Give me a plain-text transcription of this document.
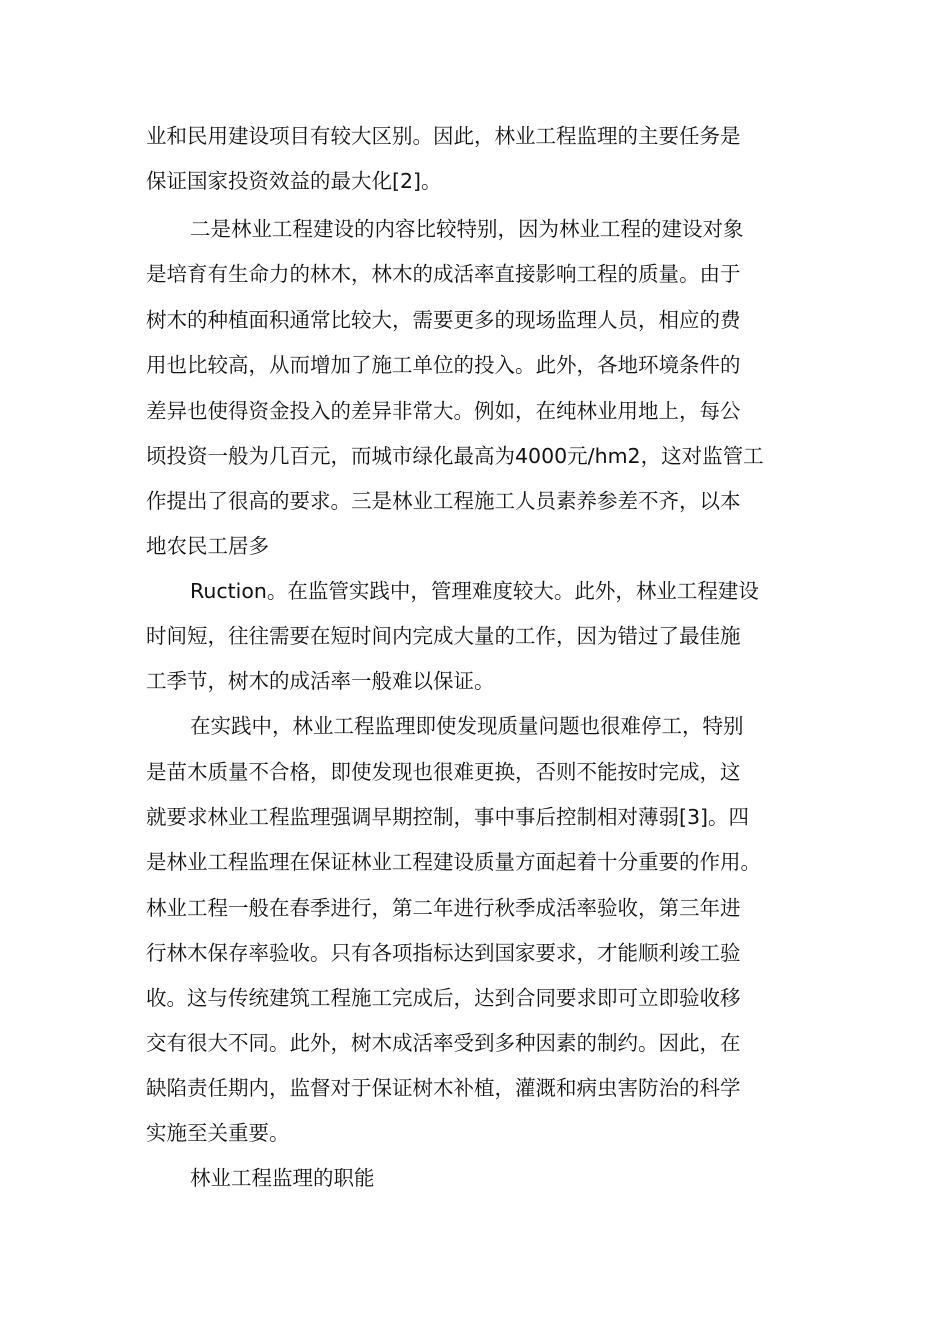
业和民用建设项目有较大区别。因此，林业工程监理的主要任务是
保证国家投资效益的最大化[2]。
二是林业工程建设的内容比较特别，因为林业工程的建设对象
是培育有生命力的林木，林木的成活率直接影响工程的质量。由于
树木的种植面积通常比较大，需要更多的现场监理人员，相应的费
用也比较高，从而增加了施工单位的投入。此外，各地环境条件的
差异也使得资金投入的差异非常大。例如，在纯林业用地上，每公
顷投资一般为几百元，而城市绿化最高为4000元/hm2，这对监管工
作提出了很高的要求。三是林业工程施工人员素养参差不齐，以本
地农民工居多
Ruction。在监管实践中，管理难度较大。此外，林业工程建设
时间短，往往需要在短时间内完成大量的工作，因为错过了最佳施
工季节，树木的成活率一般难以保证。
在实践中，林业工程监理即使发现质量问题也很难停工，特别
是苗木质量不合格，即使发现也很难更换，否则不能按时完成，这
就要求林业工程监理强调早期控制，事中事后控制相对薄弱[3]。四
是林业工程监理在保证林业工程建设质量方面起着十分重要的作用。
林业工程一般在春季进行，第二年进行秋季成活率验收，第三年进
行林木保存率验收。只有各项指标达到国家要求，才能顺利竣工验
收。这与传统建筑工程施工完成后，达到合同要求即可立即验收移
交有很大不同。此外，树木成活率受到多种因素的制约。因此，在
缺陷责任期内，监督对于保证树木补植，灌溉和病虫害防治的科学
实施至关重要。
林业工程监理的职能
